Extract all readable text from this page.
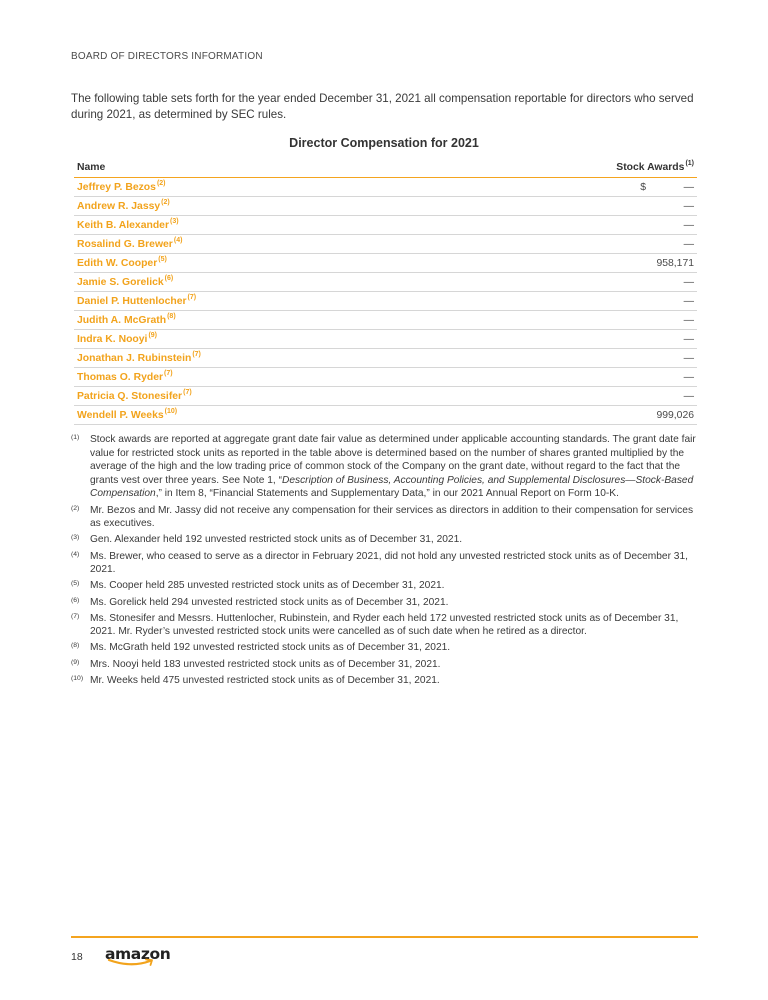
BOARD OF DIRECTORS INFORMATION
The following table sets forth for the year ended December 31, 2021 all compensation reportable for directors who served during 2021, as determined by SEC rules.
Director Compensation for 2021
Name	Stock Awards$^{(1)}$
Jeffrey P. Bezos$^{(2)}$	$ —
Andrew R. Jassy$^{(2)}$	—
Keith B. Alexander$^{(3)}$	—
Rosalind G. Brewer$^{(4)}$	—
Edith W. Cooper$^{(5)}$	958,171
Jamie S. Gorelick$^{(6)}$	—
Daniel P. Huttenlocher$^{(7)}$	—
Judith A. McGrath$^{(8)}$	—
Indra K. Nooyi$^{(9)}$	—
Jonathan J. Rubinstein$^{(7)}$	—
Thomas O. Ryder$^{(7)}$	—
Patricia Q. Stonesifer$^{(7)}$	—
Wendell P. Weeks$^{(10)}$	999,026
(1)	Stock awards are reported at aggregate grant date fair value as determined under applicable accounting standards. The grant date fair value for restricted stock units as reported in the table above is determined based on the number of shares granted multiplied by the average of the high and the low trading price of common stock of the Company on the grant date, without regard to the fact that the grants vest over three years. See Note 1, “Description of Business, Accounting Policies, and Supplemental Disclosures—Stock-Based Compensation,” in Item 8, “Financial Statements and Supplementary Data,” in our 2021 Annual Report on Form 10-K.
(2)	Mr. Bezos and Mr. Jassy did not receive any compensation for their services as directors in addition to their compensation for services as executives.
(3)	Gen. Alexander held 192 unvested restricted stock units as of December 31, 2021.
(4)	Ms. Brewer, who ceased to serve as a director in February 2021, did not hold any unvested restricted stock units as of December 31, 2021.
(5)	Ms. Cooper held 285 unvested restricted stock units as of December 31, 2021.
(6)	Ms. Gorelick held 294 unvested restricted stock units as of December 31, 2021.
(7)	Ms. Stonesifer and Messrs. Huttenlocher, Rubinstein, and Ryder each held 172 unvested restricted stock units as of December 31, 2021. Mr. Ryder’s unvested restricted stock units were cancelled as of such date when he retired as a director.
(8)	Ms. McGrath held 192 unvested restricted stock units as of December 31, 2021.
(9)	Mrs. Nooyi held 183 unvested restricted stock units as of December 31, 2021.
(10) Mr. Weeks held 475 unvested restricted stock units as of December 31, 2021.
18 amazon
